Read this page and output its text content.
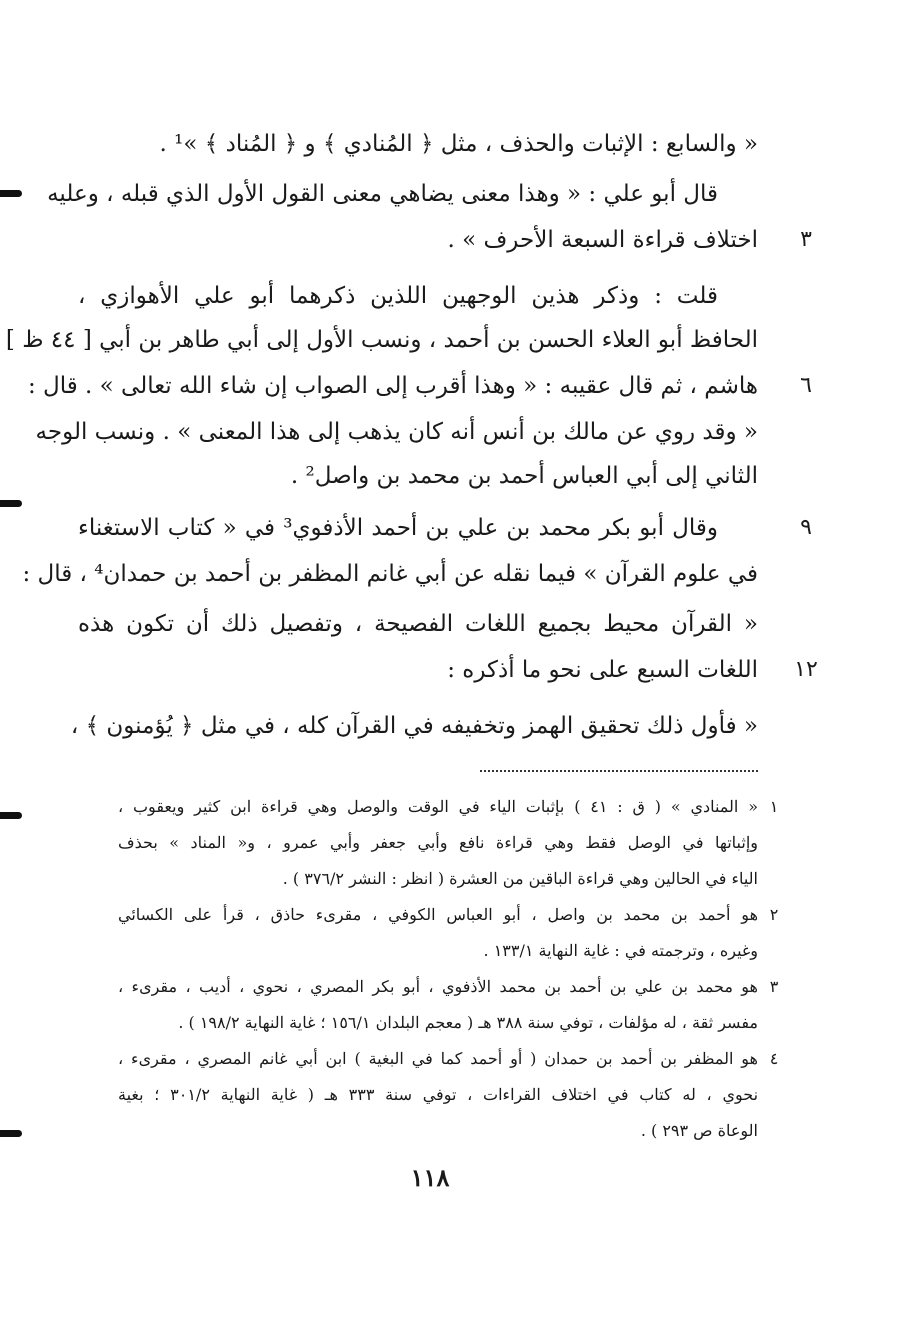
« والسابع : الإثبات والحذف ، مثل ﴿ المُنادي ﴾ و ﴿ المُناد ﴾ »¹ .
قال أبو علي : « وهذا معنى يضاهي معنى القول الأول الذي قبله ، وعليه
اختلاف قراءة السبعة الأحرف » .	٣
قلت : وذكر هذين الوجهين اللذين ذكرهما أبو علي الأهوازي ،
الحافظ أبو العلاء الحسن بن أحمد ، ونسب الأول إلى أبي طاهر بن أبي [ ٤٤ ظ ]
هاشم ، ثم قال عقيبه : « وهذا أقرب إلى الصواب إن شاء الله تعالى » . قال :	٦
« وقد روي عن مالك بن أنس أنه كان يذهب إلى هذا المعنى » . ونسب الوجه
الثاني إلى أبي العباس أحمد بن محمد بن واصل² .
وقال أبو بكر محمد بن علي بن أحمد الأذفوي³ في « كتاب الاستغناء	٩
في علوم القرآن » فيما نقله عن أبي غانم المظفر بن أحمد بن حمدان⁴ ، قال :
« القرآن محيط بجميع اللغات الفصيحة ، وتفصيل ذلك أن تكون هذه
اللغات السبع على نحو ما أذكره :	١٢
« فأول ذلك تحقيق الهمز وتخفيفه في القرآن كله ، في مثل ﴿ يُؤمنون ﴾ ،
١
« المنادي » ( ق : ٤١ ) بإثبات الياء في الوقت والوصل وهي قراءة ابن كثير ويعقوب ،
وإثباتها في الوصل فقط وهي قراءة نافع وأبي جعفر وأبي عمرو ، و« المناد » بحذف
الياء في الحالين وهي قراءة الباقين من العشرة ( انظر : النشر ٣٧٦/٢ ) .
٢
هو أحمد بن محمد بن واصل ، أبو العباس الكوفي ، مقرىء حاذق ، قرأ على الكسائي
وغيره ، وترجمته في : غاية النهاية ١٣٣/١ .
٣
هو محمد بن علي بن أحمد بن محمد الأذفوي ، أبو بكر المصري ، نحوي ، أديب ، مقرىء ،
مفسر ثقة ، له مؤلفات ، توفي سنة ٣٨٨ هـ ( معجم البلدان ١٥٦/١ ؛ غاية النهاية ١٩٨/٢ ) .
٤
هو المظفر بن أحمد بن حمدان ( أو أحمد كما في البغية ) ابن أبي غانم المصري ، مقرىء ،
نحوي ، له كتاب في اختلاف القراءات ، توفي سنة ٣٣٣ هـ ( غاية النهاية ٣٠١/٢ ؛ بغية
الوعاة ص ٢٩٣ ) .
١١٨
